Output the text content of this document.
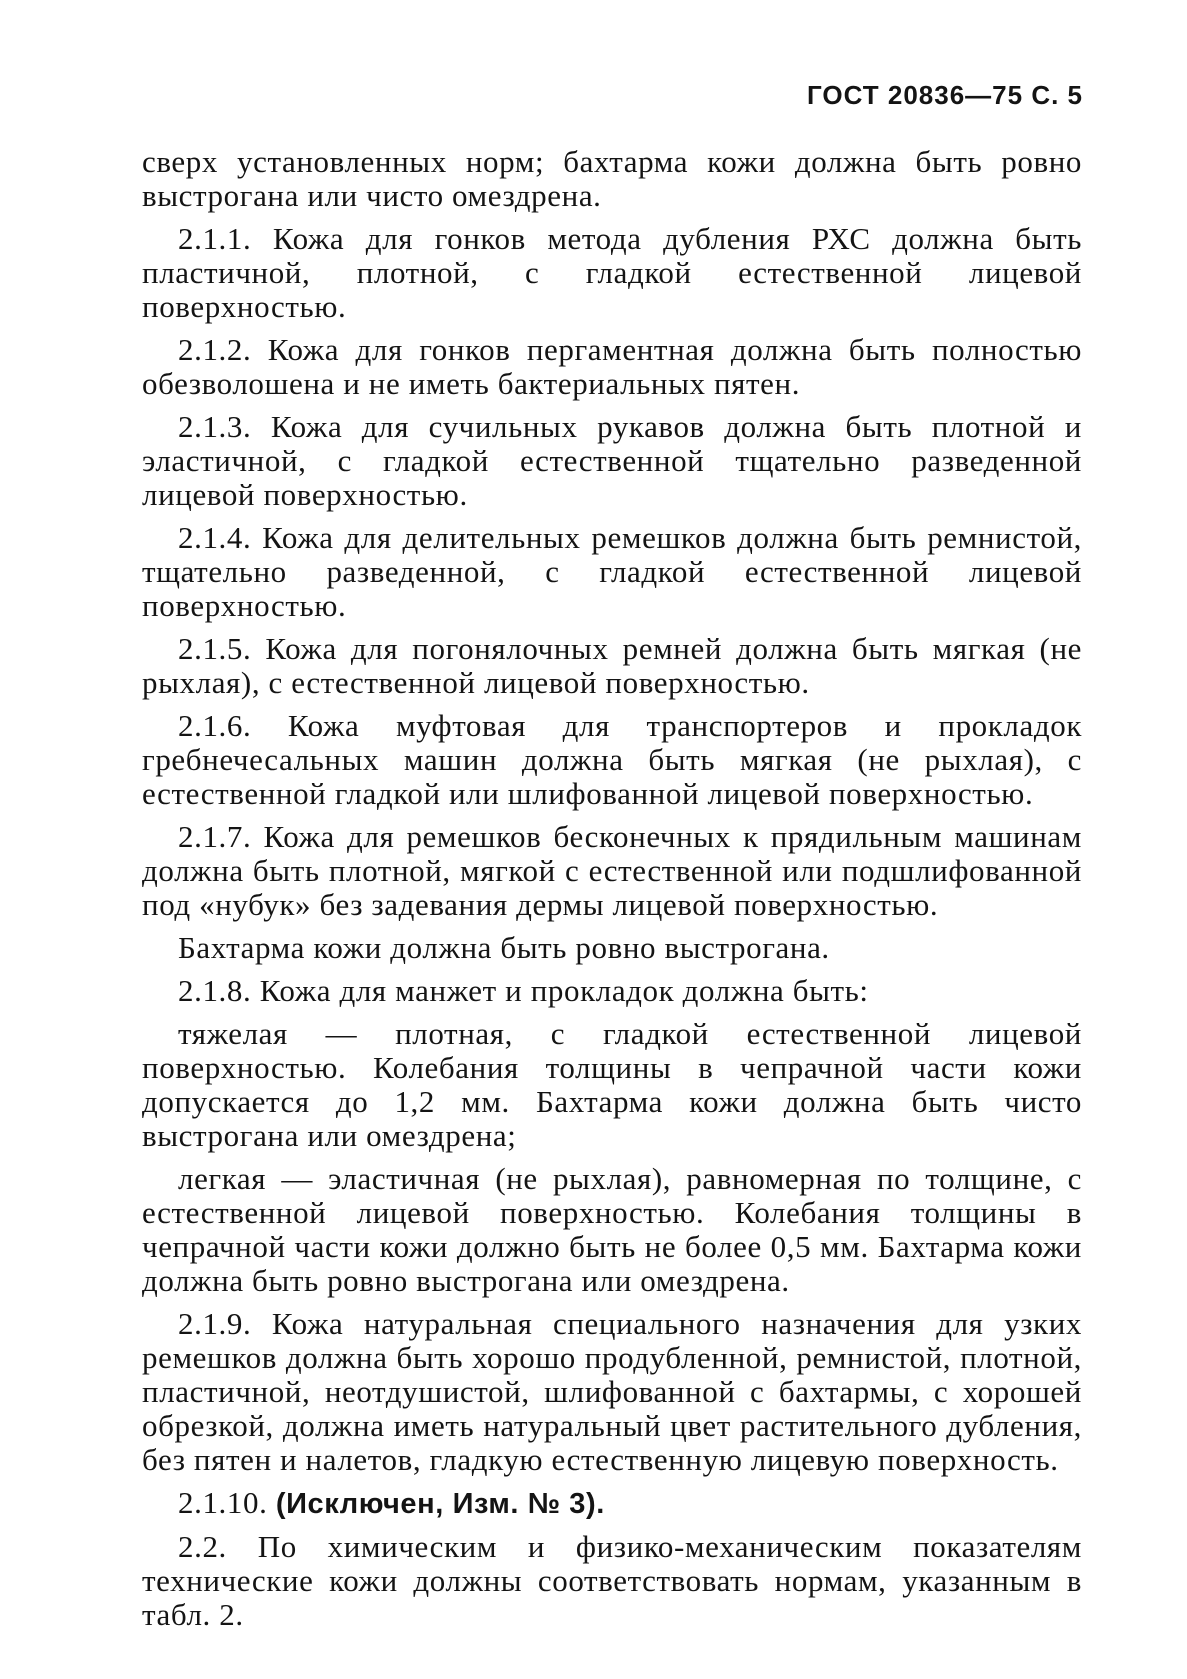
ГОСТ 20836—75 С. 5

сверх установленных норм; бахтарма кожи должна быть ровно выстрогана или чисто омездрена.

2.1.1. Кожа для гонков метода дубления РХС должна быть пластичной, плотной, с гладкой естественной лицевой поверхностью.

2.1.2. Кожа для гонков пергаментная должна быть полностью обезволошена и не иметь бактериальных пятен.

2.1.3. Кожа для сучильных рукавов должна быть плотной и эластичной, с гладкой естественной тщательно разведенной лицевой поверхностью.

2.1.4. Кожа для делительных ремешков должна быть ремнистой, тщательно разведенной, с гладкой естественной лицевой поверхностью.

2.1.5. Кожа для погонялочных ремней должна быть мягкая (не рыхлая), с естественной лицевой поверхностью.

2.1.6. Кожа муфтовая для транспортеров и прокладок гребнечесальных машин должна быть мягкая (не рыхлая), с естественной гладкой или шлифованной лицевой поверхностью.

2.1.7. Кожа для ремешков бесконечных к прядильным машинам должна быть плотной, мягкой с естественной или подшлифованной под «нубук» без задевания дермы лицевой поверхностью.

Бахтарма кожи должна быть ровно выстрогана.

2.1.8. Кожа для манжет и прокладок должна быть:

тяжелая — плотная, с гладкой естественной лицевой поверхностью. Колебания толщины в чепрачной части кожи допускается до 1,2 мм. Бахтарма кожи должна быть чисто выстрогана или омездрена;

легкая — эластичная (не рыхлая), равномерная по толщине, с естественной лицевой поверхностью. Колебания толщины в чепрачной части кожи должно быть не более 0,5 мм. Бахтарма кожи должна быть ровно выстрогана или омездрена.

2.1.9. Кожа натуральная специального назначения для узких ремешков должна быть хорошо продубленной, ремнистой, плотной, пластичной, неотдушистой, шлифованной с бахтармы, с хорошей обрезкой, должна иметь натуральный цвет растительного дубления, без пятен и налетов, гладкую естественную лицевую поверхность.

2.1.10. (Исключен, Изм. № 3).

2.2. По химическим и физико-механическим показателям технические кожи должны соответствовать нормам, указанным в табл. 2.
